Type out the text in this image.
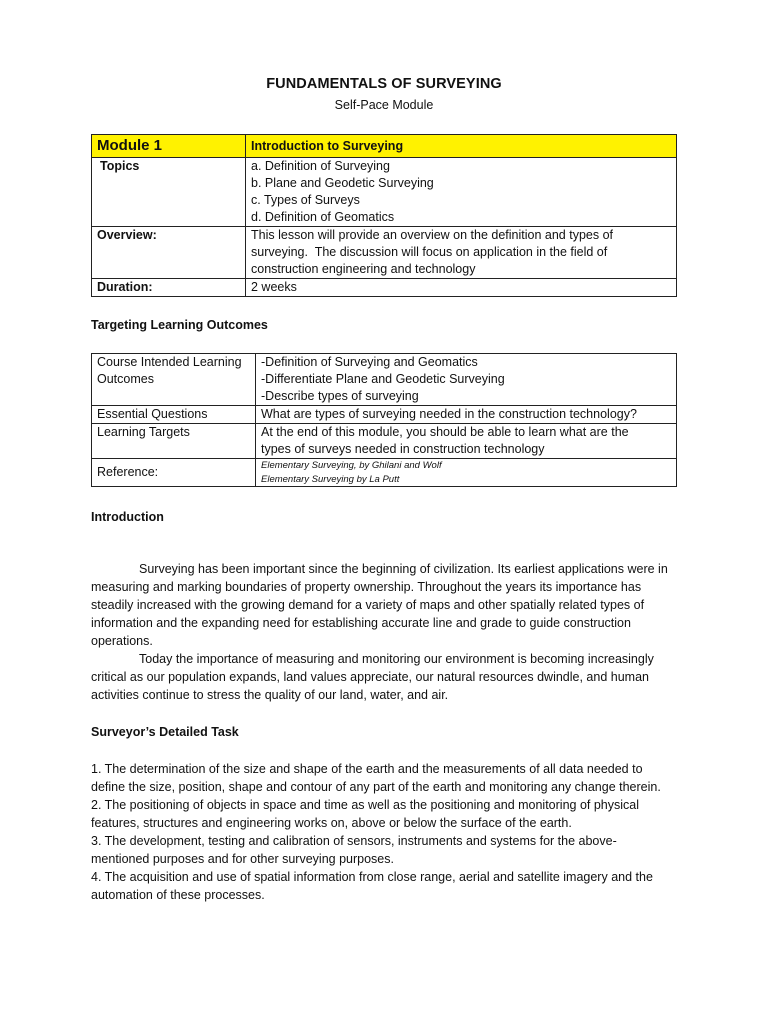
FUNDAMENTALS OF SURVEYING
Self-Pace Module
Module 1	Introduction to Surveying
Topics	a. Definition of Surveying
b. Plane and Geodetic Surveying
c. Types of Surveys
d. Definition of Geomatics

Overview:	This lesson will provide an overview on the definition and types of
surveying.  The discussion will focus on application in the field of
construction engineering and technology

Duration:	2 weeks
Targeting Learning Outcomes
Course Intended Learning
Outcomes	-Definition of Surveying and Geomatics
-Differentiate Plane and Geodetic Surveying
-Describe types of surveying

Essential Questions	What are types of surveying needed in the construction technology?
Learning Targets	At the end of this module, you should be able to learn what are the
types of surveys needed in construction technology

Reference:	Elementary Surveying, by Ghilani and Wolf
Elementary Surveying by La Putt
Introduction
Surveying has been important since the beginning of civilization. Its earliest applications were in
measuring and marking boundaries of property ownership. Throughout the years its importance has
steadily increased with the growing demand for a variety of maps and other spatially related types of
information and the expanding need for establishing accurate line and grade to guide construction
operations.
Today the importance of measuring and monitoring our environment is becoming increasingly
critical as our population expands, land values appreciate, our natural resources dwindle, and human
activities continue to stress the quality of our land, water, and air.
Surveyor’s Detailed Task
1. The determination of the size and shape of the earth and the measurements of all data needed to
define the size, position, shape and contour of any part of the earth and monitoring any change therein.
2. The positioning of objects in space and time as well as the positioning and monitoring of physical
features, structures and engineering works on, above or below the surface of the earth.
3. The development, testing and calibration of sensors, instruments and systems for the above-
mentioned purposes and for other surveying purposes.
4. The acquisition and use of spatial information from close range, aerial and satellite imagery and the
automation of these processes.
